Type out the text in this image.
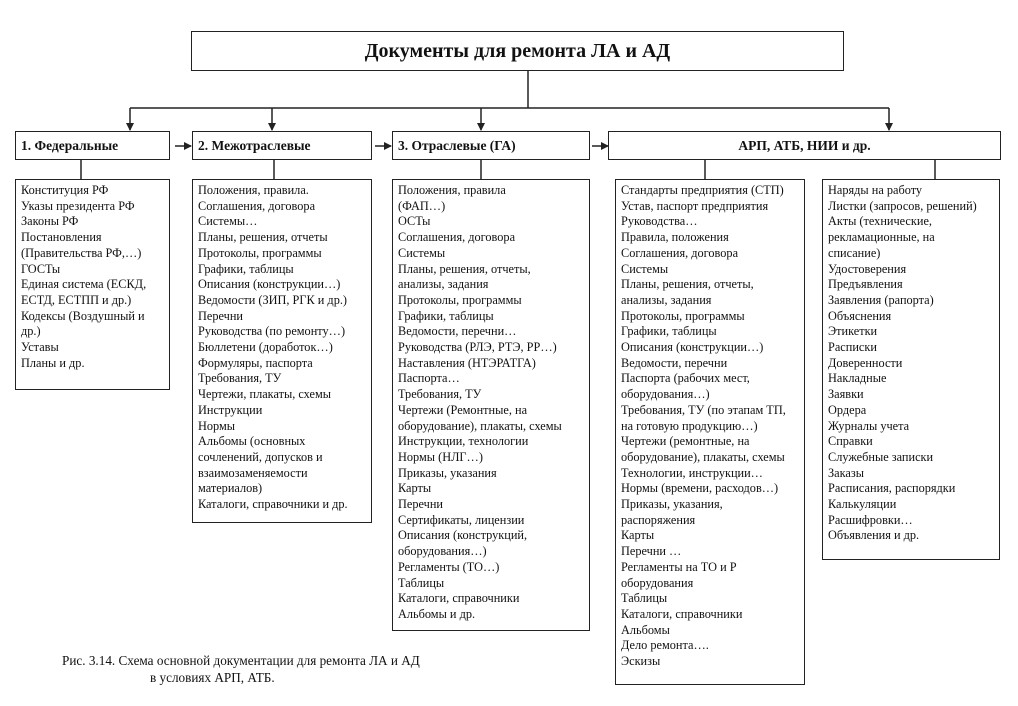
Документы для ремонта ЛА и АД
1. Федеральные	2. Межотраслевые	3. Отраслевые (ГА)	АРП, АТБ, НИИ и др.
Конституция РФ
Указы президента РФ
Законы РФ
Постановления
(Правительства РФ,…)
ГОСТы
Единая система (ЕСКД,
ЕСТД, ЕСТПП и др.)
Кодексы (Воздушный и
др.)
Уставы
Планы и др.
Положения, правила.
Соглашения, договора
Системы…
Планы, решения, отчеты
Протоколы, программы
Графики, таблицы
Описания (конструкции…)
Ведомости (ЗИП, РГК и др.)
Перечни
Руководства (по ремонту…)
Бюллетени (доработок…)
Формуляры, паспорта
Требования, ТУ
Чертежи, плакаты, схемы
Инструкции
Нормы
Альбомы (основных
сочленений, допусков и
взаимозаменяемости
материалов)
Каталоги, справочники и др.
Положения, правила
(ФАП…)
ОСТы
Соглашения, договора
Системы
Планы, решения, отчеты,
анализы, задания
Протоколы, программы
Графики, таблицы
Ведомости, перечни…
Руководства (РЛЭ, РТЭ, РР…)
Наставления (НТЭРАТГА)
Паспорта…
Требования, ТУ
Чертежи (Ремонтные, на
оборудование), плакаты, схемы
Инструкции, технологии
Нормы (НЛГ…)
Приказы, указания
Карты
Перечни
Сертификаты, лицензии
Описания (конструкций,
оборудования…)
Регламенты (ТО…)
Таблицы
Каталоги, справочники
Альбомы и др.
Стандарты предприятия (СТП)
Устав, паспорт предприятия
Руководства…
Правила, положения
Соглашения, договора
Системы
Планы, решения, отчеты,
анализы, задания
Протоколы, программы
Графики, таблицы
Описания (конструкции…)
Ведомости, перечни
Паспорта (рабочих мест,
оборудования…)
Требования, ТУ (по этапам ТП,
на готовую продукцию…)
Чертежи (ремонтные, на
оборудование), плакаты, схемы
Технологии, инструкции…
Нормы (времени, расходов…)
Приказы, указания,
распоряжения
Карты
Перечни …
Регламенты на ТО и Р
оборудования
Таблицы
Каталоги, справочники
Альбомы
Дело ремонта….
Эскизы
Наряды на работу
Листки (запросов, решений)
Акты (технические,
рекламационные, на
списание)
Удостоверения
Предъявления
Заявления (рапорта)
Объяснения
Этикетки
Расписки
Доверенности
Накладные
Заявки
Ордера
Журналы учета
Справки
Служебные записки
Заказы
Расписания, распорядки
Калькуляции
Расшифровки…
Объявления и др.
Рис. 3.14. Схема основной документации для ремонта ЛА и АД
в условиях АРП, АТБ.
